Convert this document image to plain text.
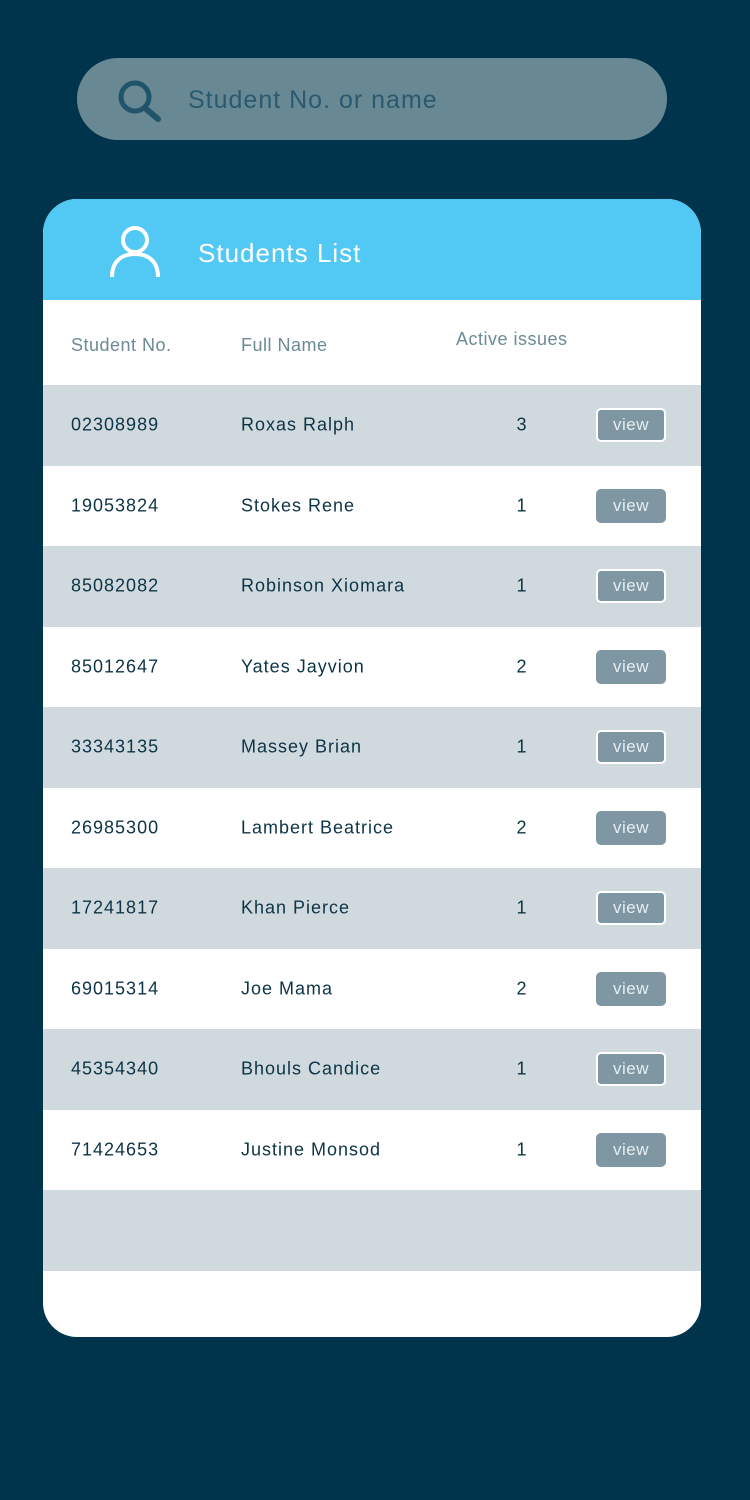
Student No. or name
Students List
Student No.	Full Name	Active issues
02308989	Roxas Ralph	3	view
19053824	Stokes Rene	1	view
85082082	Robinson Xiomara	1	view
85012647	Yates Jayvion	2	view
33343135	Massey Brian	1	view
26985300	Lambert Beatrice	2	view
17241817	Khan Pierce	1	view
69015314	Joe Mama	2	view
45354340	Bhouls Candice	1	view
71424653	Justine Monsod	1	view
